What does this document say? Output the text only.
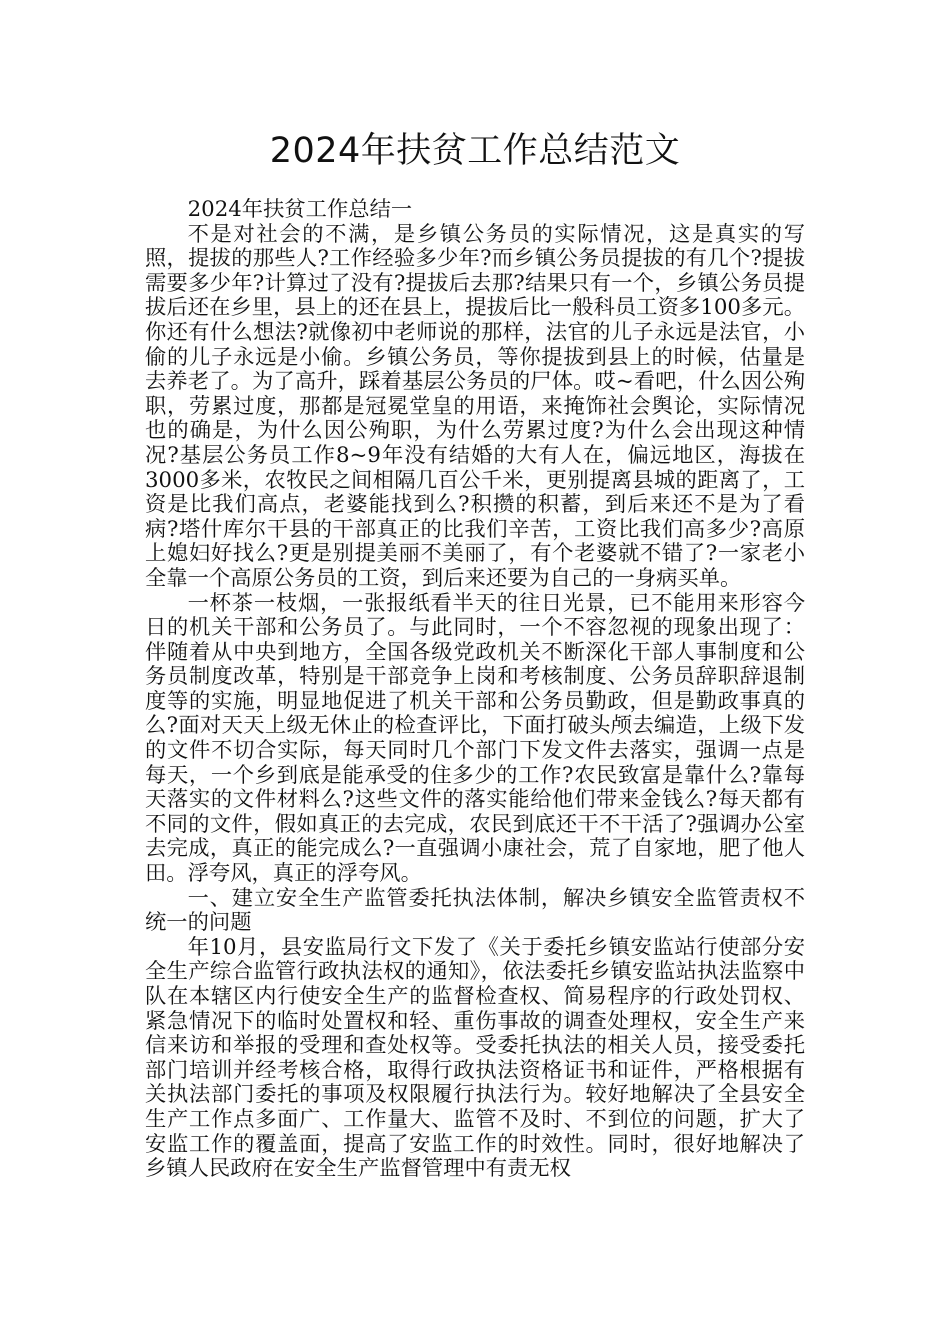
2024年扶贫工作总结范文

2024年扶贫工作总结一

不是对社会的不满，是乡镇公务员的实际情况，这是真实的写照，提拔的那些人?工作经验多少年?而乡镇公务员提拔的有几个?提拔需要多少年?计算过了没有?提拔后去那?结果只有一个，乡镇公务员提拔后还在乡里，县上的还在县上，提拔后比一般科员工资多100多元。你还有什么想法?就像初中老师说的那样，法官的儿子永远是法官，小偷的儿子永远是小偷。乡镇公务员，等你提拔到县上的时候，估量是去养老了。为了高升，踩着基层公务员的尸体。哎~看吧，什么因公殉职，劳累过度，那都是冠冕堂皇的用语，来掩饰社会舆论，实际情况也的确是，为什么因公殉职，为什么劳累过度?为什么会出现这种情况?基层公务员工作8~9年没有结婚的大有人在，偏远地区，海拔在3000多米，农牧民之间相隔几百公千米，更别提离县城的距离了，工资是比我们高点，老婆能找到么?积攒的积蓄，到后来还不是为了看病?塔什库尔干县的干部真正的比我们辛苦，工资比我们高多少?高原上媳妇好找么?更是别提美丽不美丽了，有个老婆就不错了?一家老小全靠一个高原公务员的工资，到后来还要为自己的一身病买单。

一杯茶一枝烟，一张报纸看半天的往日光景，已不能用来形容今日的机关干部和公务员了。与此同时，一个不容忽视的现象出现了：伴随着从中央到地方，全国各级党政机关不断深化干部人事制度和公务员制度改革，特别是干部竞争上岗和考核制度、公务员辞职辞退制度等的实施，明显地促进了机关干部和公务员勤政，但是勤政事真的么?面对天天上级无休止的检查评比，下面打破头颅去编造，上级下发的文件不切合实际，每天同时几个部门下发文件去落实，强调一点是每天，一个乡到底是能承受的住多少的工作?农民致富是靠什么?靠每天落实的文件材料么?这些文件的落实能给他们带来金钱么?每天都有不同的文件，假如真正的去完成，农民到底还干不干活了?强调办公室去完成，真正的能完成么?一直强调小康社会，荒了自家地，肥了他人田。浮夸风，真正的浮夸风。

一、建立安全生产监管委托执法体制，解决乡镇安全监管责权不统一的问题

年10月，县安监局行文下发了《关于委托乡镇安监站行使部分安全生产综合监管行政执法权的通知》，依法委托乡镇安监站执法监察中队在本辖区内行使安全生产的监督检查权、简易程序的行政处罚权、紧急情况下的临时处置权和轻、重伤事故的调查处理权，安全生产来信来访和举报的受理和查处权等。受委托执法的相关人员，接受委托部门培训并经考核合格，取得行政执法资格证书和证件，严格根据有关执法部门委托的事项及权限履行执法行为。较好地解决了全县安全生产工作点多面广、工作量大、监管不及时、不到位的问题，扩大了安监工作的覆盖面，提高了安监工作的时效性。同时，很好地解决了乡镇人民政府在安全生产监督管理中有责无权
